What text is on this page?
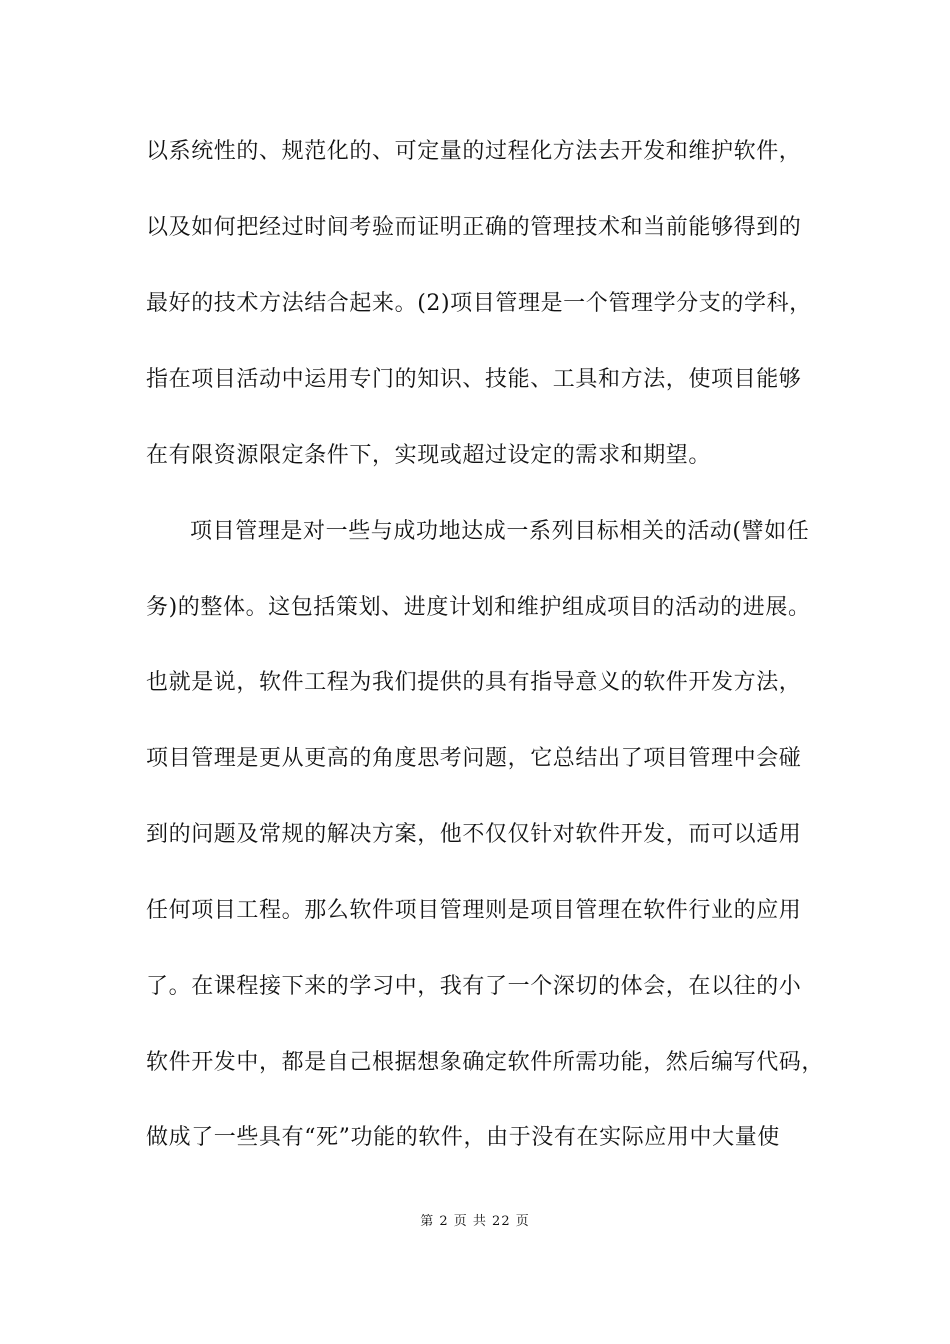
以系统性的、规范化的、可定量的过程化方法去开发和维护软件，
以及如何把经过时间考验而证明正确的管理技术和当前能够得到的
最好的技术方法结合起来。(2)项目管理是一个管理学分支的学科，
指在项目活动中运用专门的知识、技能、工具和方法，使项目能够
在有限资源限定条件下，实现或超过设定的需求和期望。
项目管理是对一些与成功地达成一系列目标相关的活动(譬如任
务)的整体。这包括策划、进度计划和维护组成项目的活动的进展。
也就是说，软件工程为我们提供的具有指导意义的软件开发方法，
项目管理是更从更高的角度思考问题，它总结出了项目管理中会碰
到的问题及常规的解决方案，他不仅仅针对软件开发，而可以适用
任何项目工程。那么软件项目管理则是项目管理在软件行业的应用
了。在课程接下来的学习中，我有了一个深切的体会，在以往的小
软件开发中，都是自己根据想象确定软件所需功能，然后编写代码，
做成了一些具有“死”功能的软件，由于没有在实际应用中大量使
第 2 页 共 22 页
